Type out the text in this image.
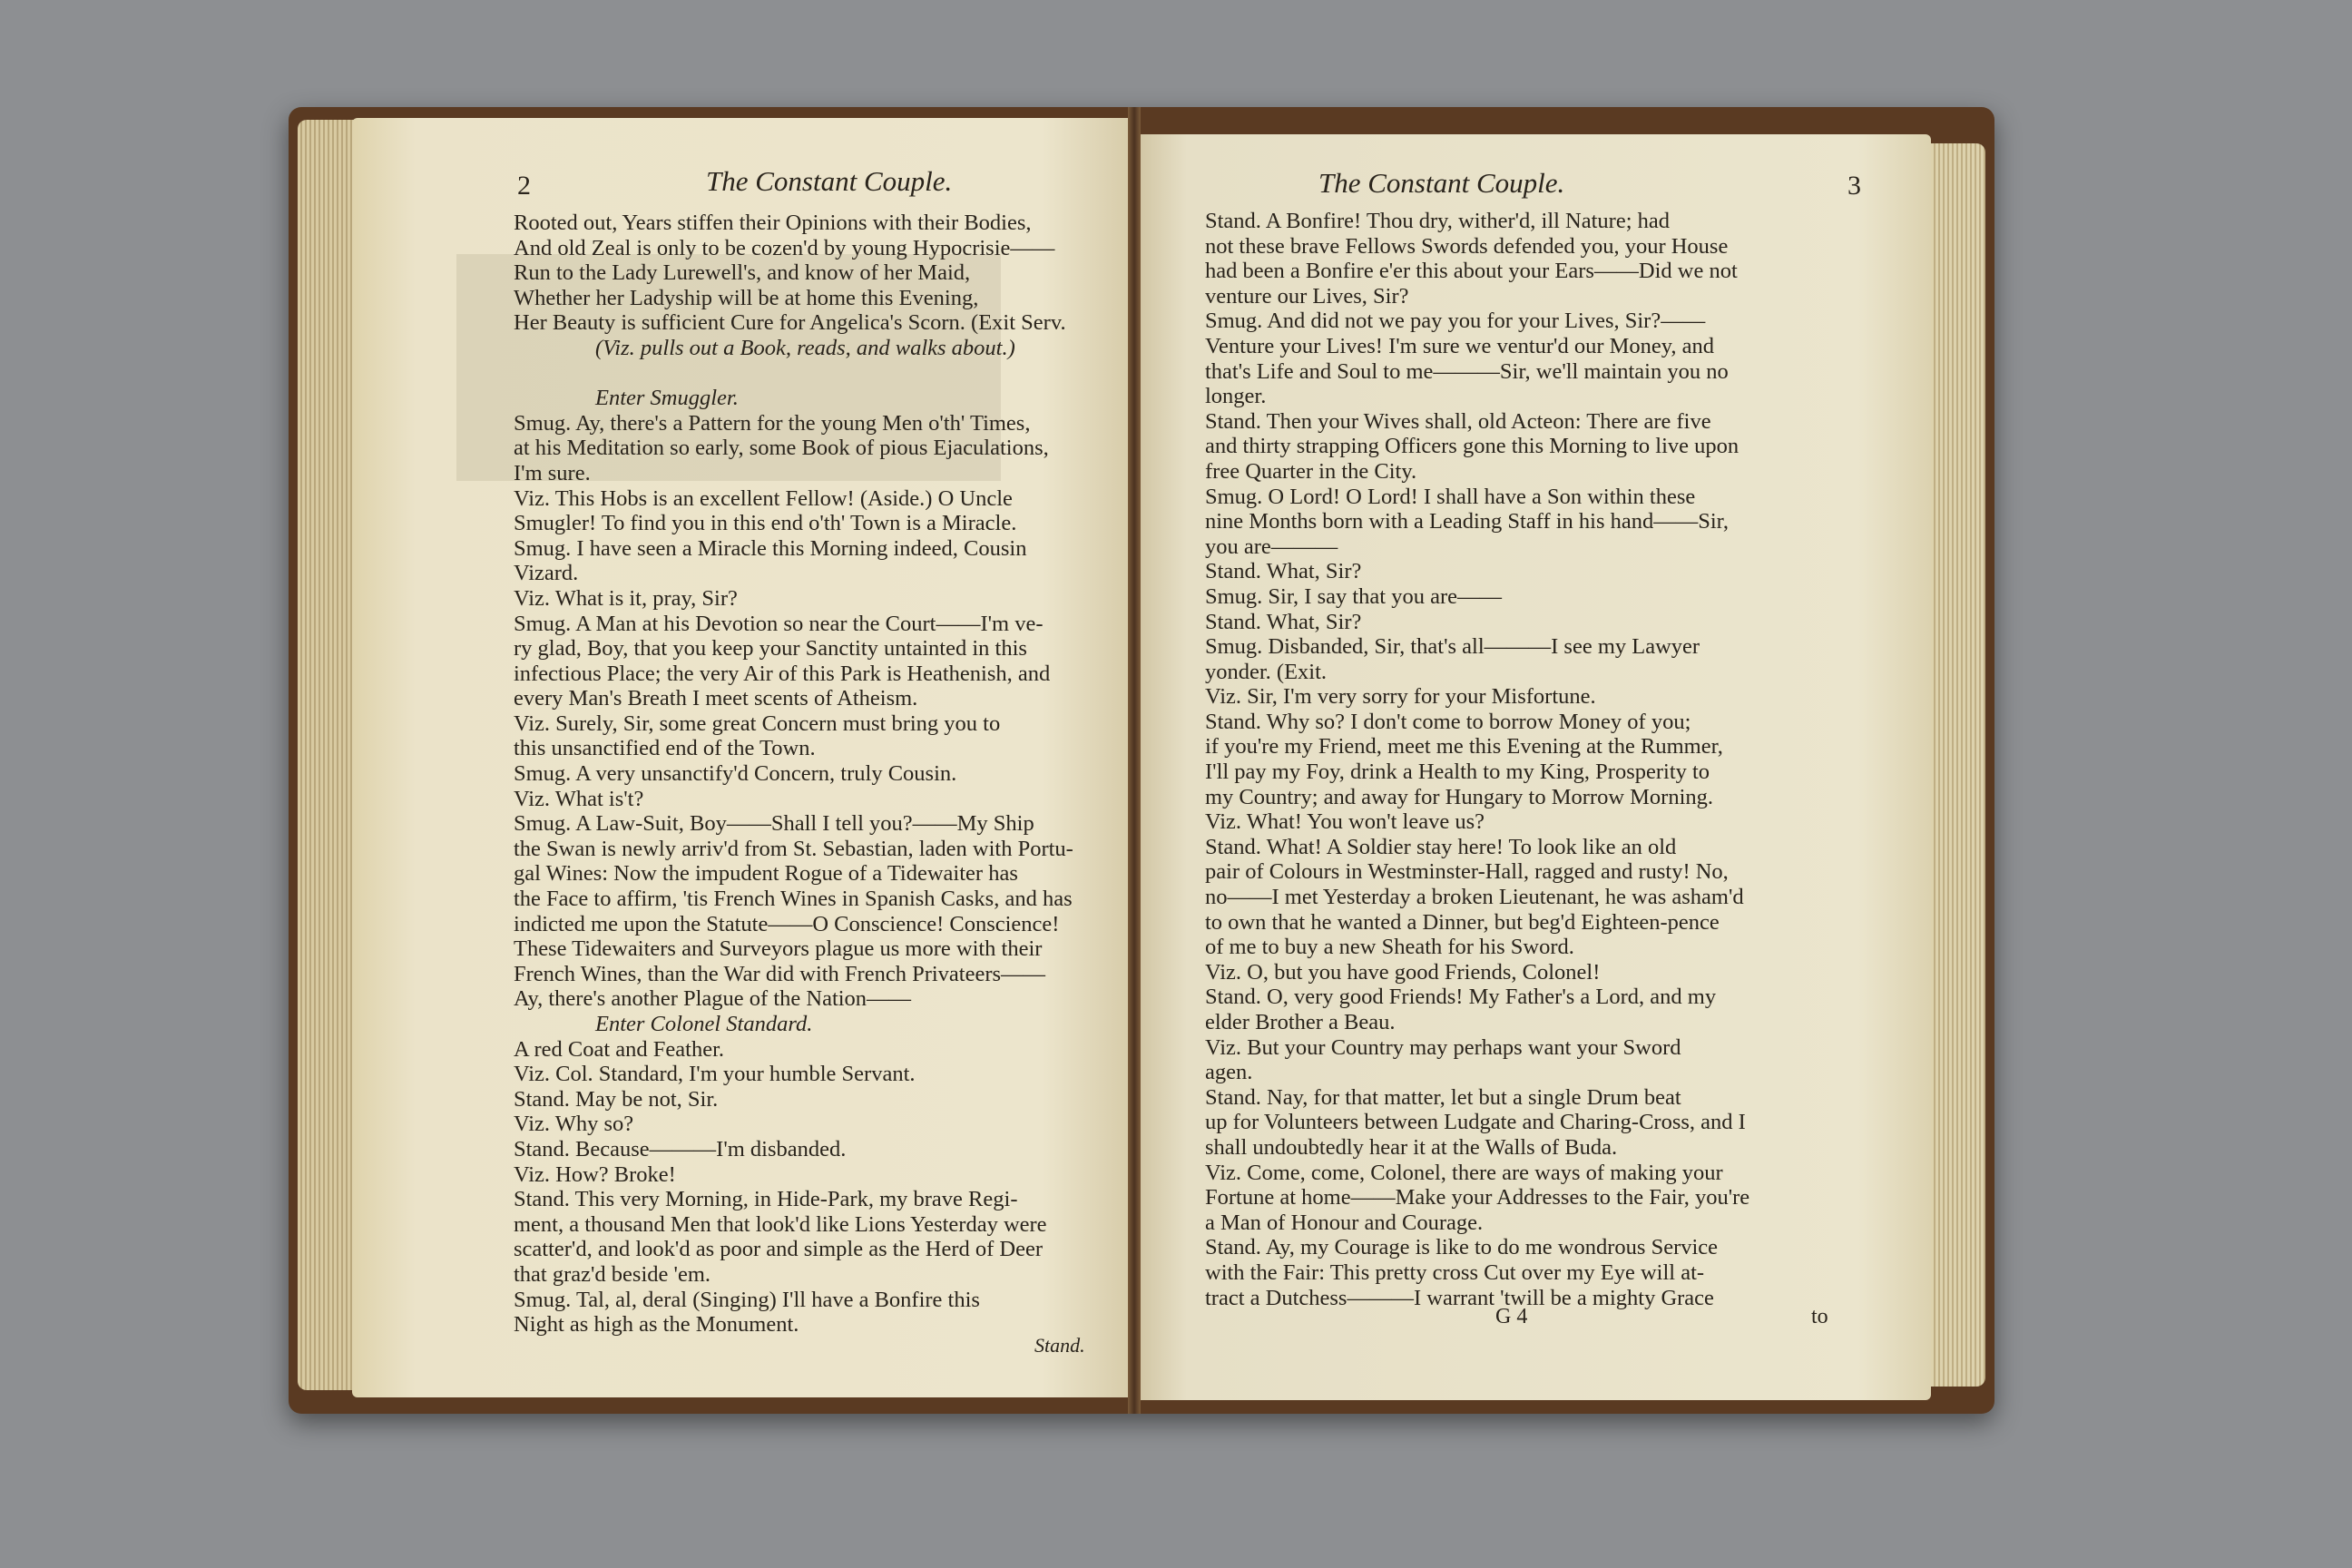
2	The Constant Couple.
Rooted out, Years stiffen their Opinions with their Bodies,
And old Zeal is only to be cozen'd by young Hypocrisie——
Run to the Lady Lurewell's, and know of her Maid,
Whether her Ladyship will be at home this Evening,
Her Beauty is sufficient Cure for Angelica's Scorn. (Exit Serv.
(Viz. pulls out a Book, reads, and walks about.)
Enter Smuggler.
Smug. Ay, there's a Pattern for the young Men o'th' Times,
at his Meditation so early, some Book of pious Ejaculations,
I'm sure.
Viz. This Hobs is an excellent Fellow! (Aside.) O Uncle
Smugler! To find you in this end o'th' Town is a Miracle.
Smug. I have seen a Miracle this Morning indeed, Cousin
Vizard.
Viz. What is it, pray, Sir?
Smug. A Man at his Devotion so near the Court——I'm ve-
ry glad, Boy, that you keep your Sanctity untainted in this
infectious Place; the very Air of this Park is Heathenish, and
every Man's Breath I meet scents of Atheism.
Viz. Surely, Sir, some great Concern must bring you to
this unsanctified end of the Town.
Smug. A very unsanctify'd Concern, truly Cousin.
Viz. What is't?
Smug. A Law-Suit, Boy——Shall I tell you?——My Ship
the Swan is newly arriv'd from St. Sebastian, laden with Portu-
gal Wines: Now the impudent Rogue of a Tidewaiter has
the Face to affirm, 'tis French Wines in Spanish Casks, and has
indicted me upon the Statute——O Conscience! Conscience!
These Tidewaiters and Surveyors plague us more with their
French Wines, than the War did with French Privateers——
Ay, there's another Plague of the Nation——
Enter Colonel Standard.
A red Coat and Feather.
Viz. Col. Standard, I'm your humble Servant.
Stand. May be not, Sir.
Viz. Why so?
Stand. Because———I'm disbanded.
Viz. How? Broke!
Stand. This very Morning, in Hide-Park, my brave Regi-
ment, a thousand Men that look'd like Lions Yesterday were
scatter'd, and look'd as poor and simple as the Herd of Deer
that graz'd beside 'em.
Smug. Tal, al, deral (Singing) I'll have a Bonfire this
Night as high as the Monument.
Stand.
The Constant Couple.	3
Stand. A Bonfire! Thou dry, wither'd, ill Nature; had
not these brave Fellows Swords defended you, your House
had been a Bonfire e'er this about your Ears——Did we not
venture our Lives, Sir?
Smug. And did not we pay you for your Lives, Sir?——
Venture your Lives! I'm sure we ventur'd our Money, and
that's Life and Soul to me———Sir, we'll maintain you no
longer.
Stand. Then your Wives shall, old Acteon: There are five
and thirty strapping Officers gone this Morning to live upon
free Quarter in the City.
Smug. O Lord! O Lord! I shall have a Son within these
nine Months born with a Leading Staff in his hand——Sir,
you are———
Stand. What, Sir?
Smug. Sir, I say that you are——
Stand. What, Sir?
Smug. Disbanded, Sir, that's all———I see my Lawyer
yonder. (Exit.
Viz. Sir, I'm very sorry for your Misfortune.
Stand. Why so? I don't come to borrow Money of you;
if you're my Friend, meet me this Evening at the Rummer,
I'll pay my Foy, drink a Health to my King, Prosperity to
my Country; and away for Hungary to Morrow Morning.
Viz. What! You won't leave us?
Stand. What! A Soldier stay here! To look like an old
pair of Colours in Westminster-Hall, ragged and rusty! No,
no——I met Yesterday a broken Lieutenant, he was asham'd
to own that he wanted a Dinner, but beg'd Eighteen-pence
of me to buy a new Sheath for his Sword.
Viz. O, but you have good Friends, Colonel!
Stand. O, very good Friends! My Father's a Lord, and my
elder Brother a Beau.
Viz. But your Country may perhaps want your Sword
agen.
Stand. Nay, for that matter, let but a single Drum beat
up for Volunteers between Ludgate and Charing-Cross, and I
shall undoubtedly hear it at the Walls of Buda.
Viz. Come, come, Colonel, there are ways of making your
Fortune at home——Make your Addresses to the Fair, you're
a Man of Honour and Courage.
Stand. Ay, my Courage is like to do me wondrous Service
with the Fair: This pretty cross Cut over my Eye will at-
tract a Dutchess———I warrant 'twill be a mighty Grace
G 4	to
